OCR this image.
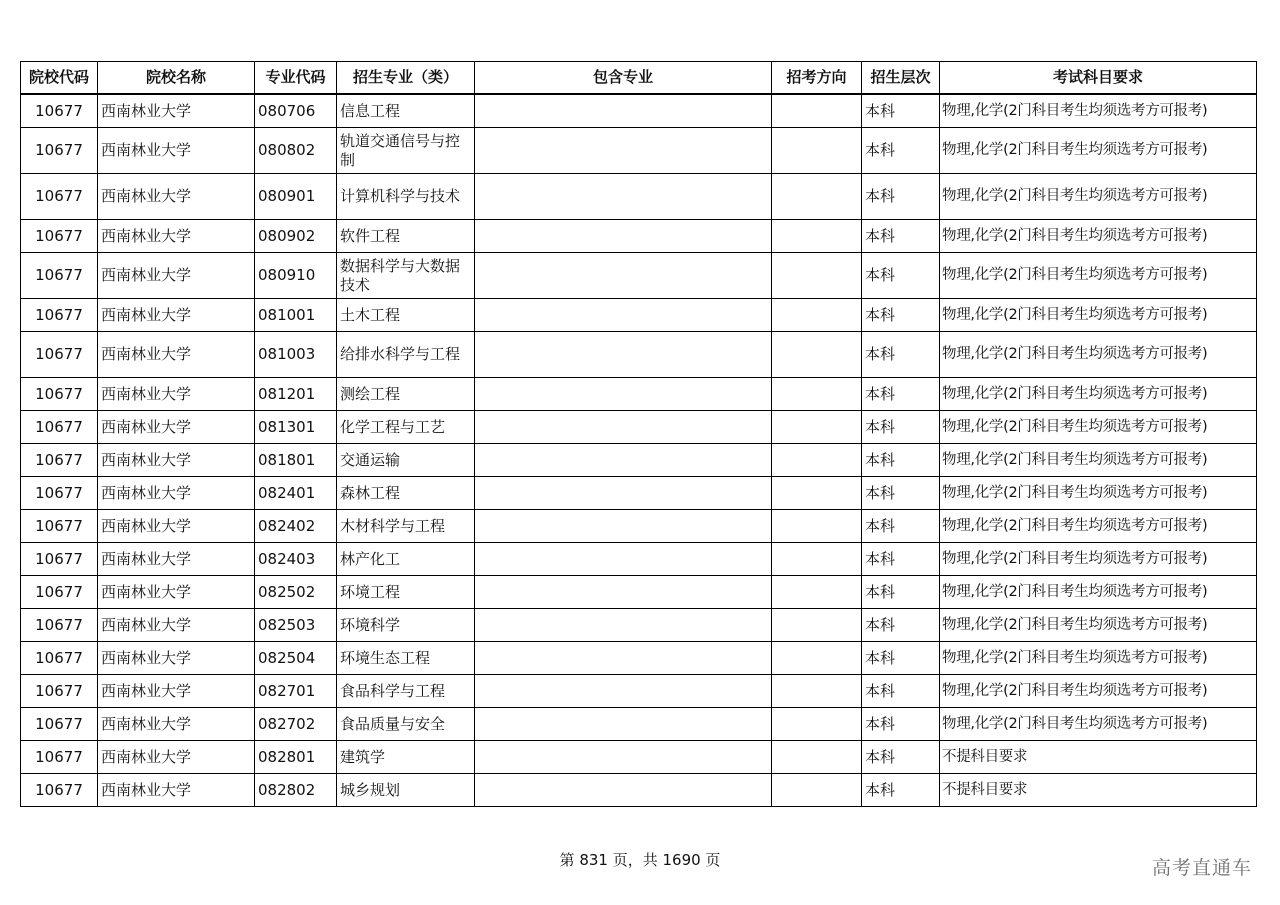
院校代码	院校名称	专业代码	招生专业（类）	包含专业	招考方向	招生层次	考试科目要求
10677	西南林业大学	080706	信息工程			本科	物理,化学(2门科目考生均须选考方可报考)
10677	西南林业大学	080802	轨道交通信号与控制			本科	物理,化学(2门科目考生均须选考方可报考)
10677	西南林业大学	080901	计算机科学与技术			本科	物理,化学(2门科目考生均须选考方可报考)
10677	西南林业大学	080902	软件工程			本科	物理,化学(2门科目考生均须选考方可报考)
10677	西南林业大学	080910	数据科学与大数据技术			本科	物理,化学(2门科目考生均须选考方可报考)
10677	西南林业大学	081001	土木工程			本科	物理,化学(2门科目考生均须选考方可报考)
10677	西南林业大学	081003	给排水科学与工程			本科	物理,化学(2门科目考生均须选考方可报考)
10677	西南林业大学	081201	测绘工程			本科	物理,化学(2门科目考生均须选考方可报考)
10677	西南林业大学	081301	化学工程与工艺			本科	物理,化学(2门科目考生均须选考方可报考)
10677	西南林业大学	081801	交通运输			本科	物理,化学(2门科目考生均须选考方可报考)
10677	西南林业大学	082401	森林工程			本科	物理,化学(2门科目考生均须选考方可报考)
10677	西南林业大学	082402	木材科学与工程			本科	物理,化学(2门科目考生均须选考方可报考)
10677	西南林业大学	082403	林产化工			本科	物理,化学(2门科目考生均须选考方可报考)
10677	西南林业大学	082502	环境工程			本科	物理,化学(2门科目考生均须选考方可报考)
10677	西南林业大学	082503	环境科学			本科	物理,化学(2门科目考生均须选考方可报考)
10677	西南林业大学	082504	环境生态工程			本科	物理,化学(2门科目考生均须选考方可报考)
10677	西南林业大学	082701	食品科学与工程			本科	物理,化学(2门科目考生均须选考方可报考)
10677	西南林业大学	082702	食品质量与安全			本科	物理,化学(2门科目考生均须选考方可报考)
10677	西南林业大学	082801	建筑学			本科	不提科目要求
10677	西南林业大学	082802	城乡规划			本科	不提科目要求
第 831 页，共 1690 页	高考直通车
